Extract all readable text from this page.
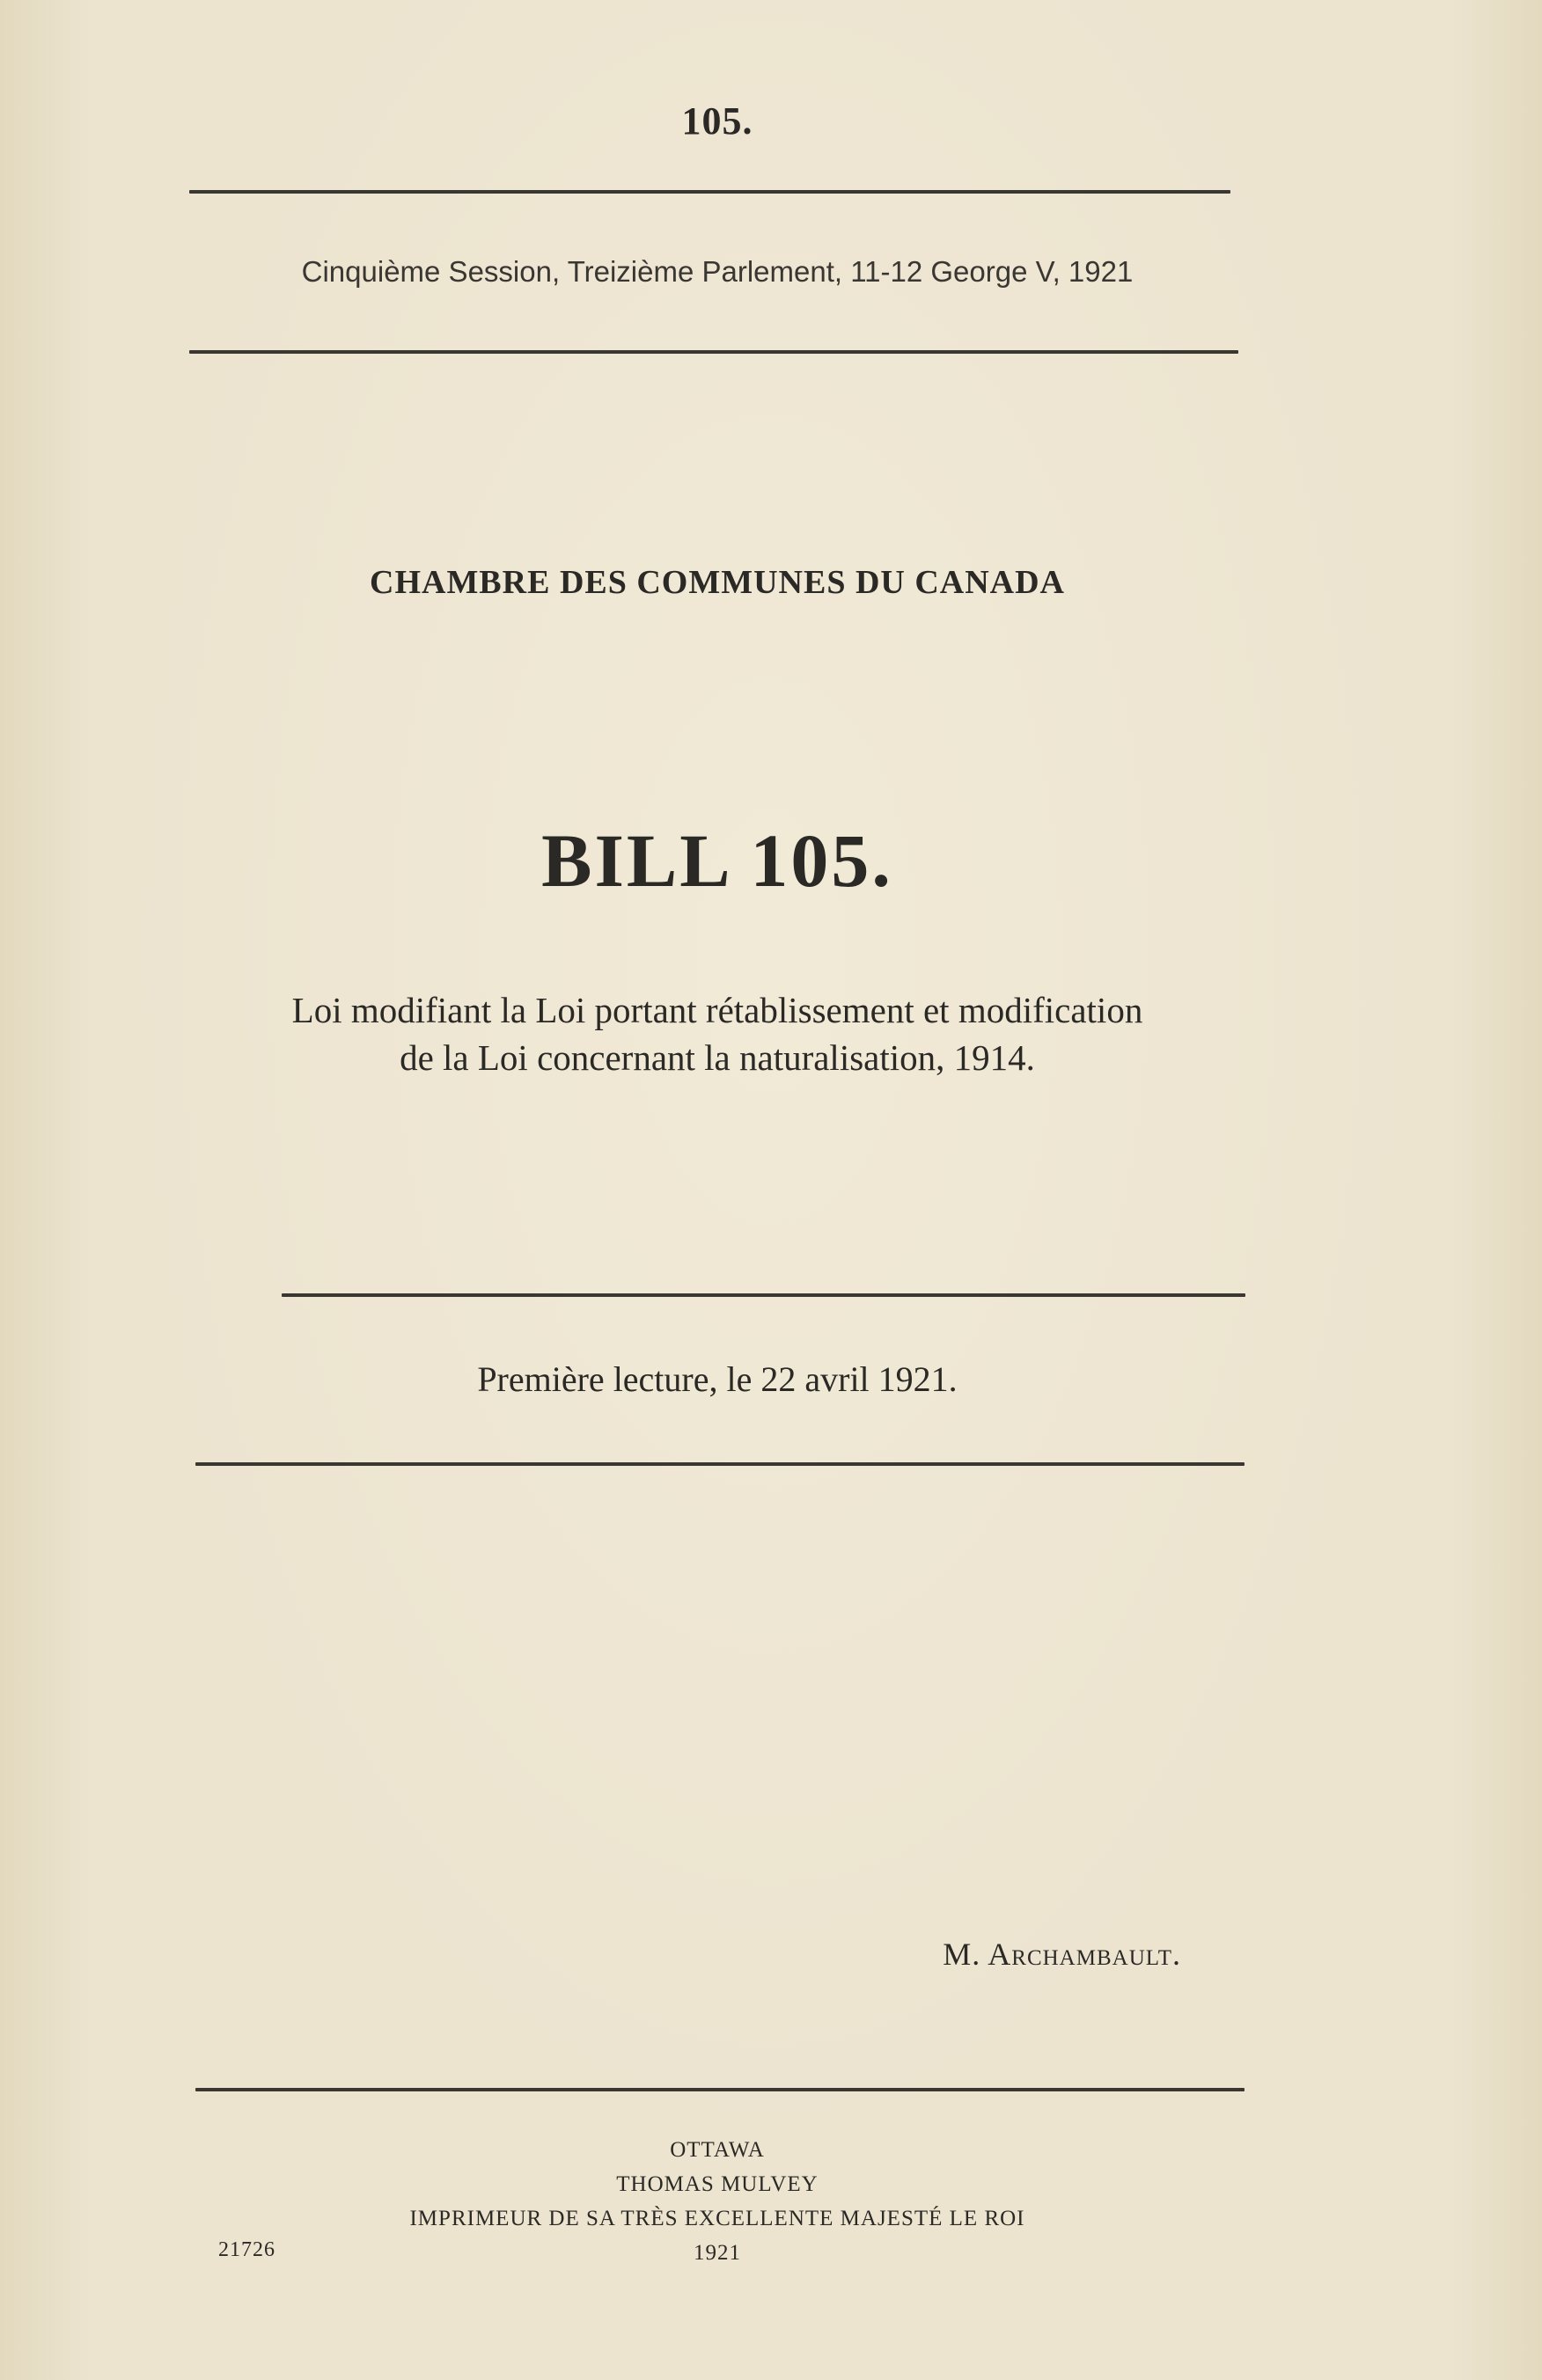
105.
Cinquième Session, Treizième Parlement, 11-12 George V, 1921
CHAMBRE DES COMMUNES DU CANADA
BILL 105.
Loi modifiant la Loi portant rétablissement et modification
de la Loi concernant la naturalisation, 1914.
Première lecture, le 22 avril 1921.
M. Archambault.
OTTAWA
THOMAS MULVEY
IMPRIMEUR DE SA TRÈS EXCELLENTE MAJESTÉ LE ROI
1921
21726
